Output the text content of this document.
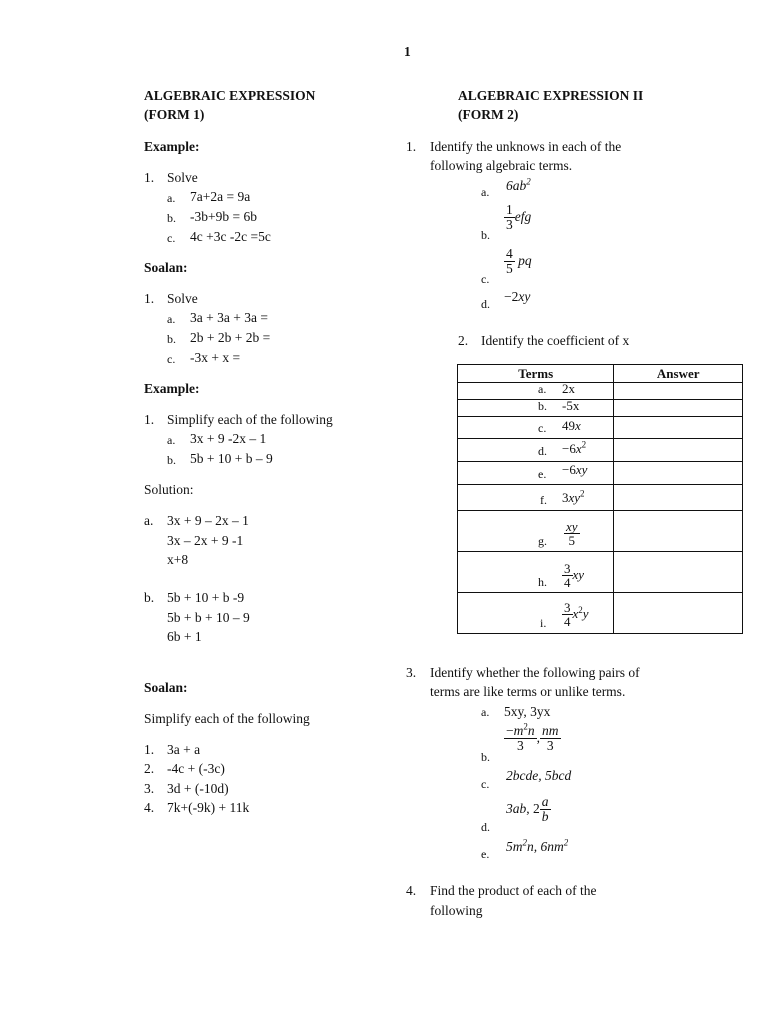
1
ALGEBRAIC EXPRESSION
(FORM 1)
Example:
1. Solve
a. 7a+2a = 9a
b. -3b+9b = 6b
c. 4c +3c -2c =5c
Soalan:
1. Solve
a. 3a + 3a + 3a =
b. 2b + 2b + 2b =
c. -3x + x =
Example:
1. Simplify each of the following
a. 3x + 9 -2x – 1
b. 5b + 10 + b – 9
Solution:
a. 3x + 9 – 2x – 1
3x – 2x + 9 -1
x+8
b. 5b + 10 + b -9
5b + b + 10 – 9
6b + 1
Soalan:
Simplify each of the following
1. 3a + a
2. -4c + (-3c)
3. 3d + (-10d)
4. 7k+(-9k) + 11k
ALGEBRAIC EXPRESSION II
(FORM 2)
1. Identify the unknows in each of the
following algebraic terms.
a. $6ab^2$
b.
$\frac{1}{3}$ efg
c.
$\frac{4}{5}$ pq
d. −2xy
2. Identify the coefficient of x
Terms	Answer

a. 2x	

b. -5x	

c. 49x	

d. $-6x^2$

e. −6xy	

f. $3xy^2$

g. $\frac{xy}{5}$

h. $\frac{3}{4}$ xy	

i. $\frac{3}{4} x^2y$	

3. Identify whether the following pairs of
terms are like terms or unlike terms.
a. 5xy, 3yx
b.
$\frac{-m^2n}{3}$ , $\frac{nm}{3}$
c.
2bcde, 5bcd
d.
3ab, $2 \frac{a}{b}$
e. $5m^2n$, $6nm^2$
4. Find the product of each of the
following
